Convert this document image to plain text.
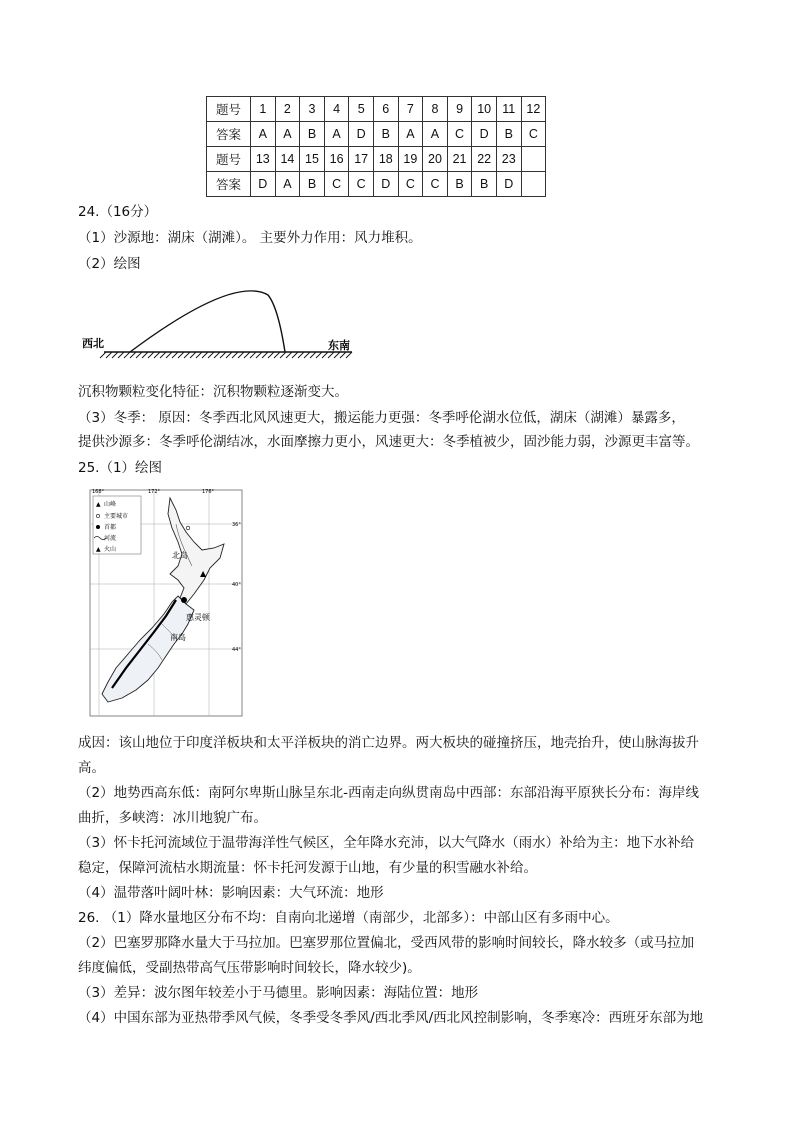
题号	1	2	3	4	5	6	7	8	9	10	11	12
答案	A	A	B	A	D	B	A	A	C	D	B	C
题号	13	14	15	16	17	18	19	20	21	22	23	
答案	D	A	B	C	C	D	C	C	B	B	D	
24.（16分）
（1）沙源地：湖床（湖滩）。 主要外力作用：风力堆积。
（2）绘图
西北	东南
沉积物颗粒变化特征：沉积物颗粒逐渐变大。
（3）冬季： 原因：冬季西北风风速更大，搬运能力更强：冬季呼伦湖水位低，湖床（湖滩）暴露多，
提供沙源多：冬季呼伦湖结冰，水面摩擦力更小，风速更大：冬季植被少，固沙能力弱，沙源更丰富等。
25.（1）绘图
168°	172°	176°
36°
40°
44°
▲ 山峰
主要城市
首都
河流
▲ 火山
▲
北岛
惠灵顿
南岛
成因：该山地位于印度洋板块和太平洋板块的消亡边界。两大板块的碰撞挤压，地壳抬升，使山脉海拔升
高。
（2）地势西高东低：南阿尔卑斯山脉呈东北-西南走向纵贯南岛中西部：东部沿海平原狭长分布：海岸线
曲折，多峡湾：冰川地貌广布。
（3）怀卡托河流域位于温带海洋性气候区，全年降水充沛，以大气降水（雨水）补给为主：地下水补给
稳定，保障河流枯水期流量：怀卡托河发源于山地，有少量的积雪融水补给。
（4）温带落叶阔叶林：影响因素：大气环流：地形
26. （1）降水量地区分布不均：自南向北递增（南部少，北部多）：中部山区有多雨中心。
（2）巴塞罗那降水量大于马拉加。巴塞罗那位置偏北，受西风带的影响时间较长，降水较多（或马拉加
纬度偏低，受副热带高气压带影响时间较长，降水较少)。
（3）差异：波尔图年较差小于马德里。影响因素：海陆位置：地形
（4）中国东部为亚热带季风气候，冬季受冬季风/西北季风/西北风控制影响，冬季寒冷：西班牙东部为地
